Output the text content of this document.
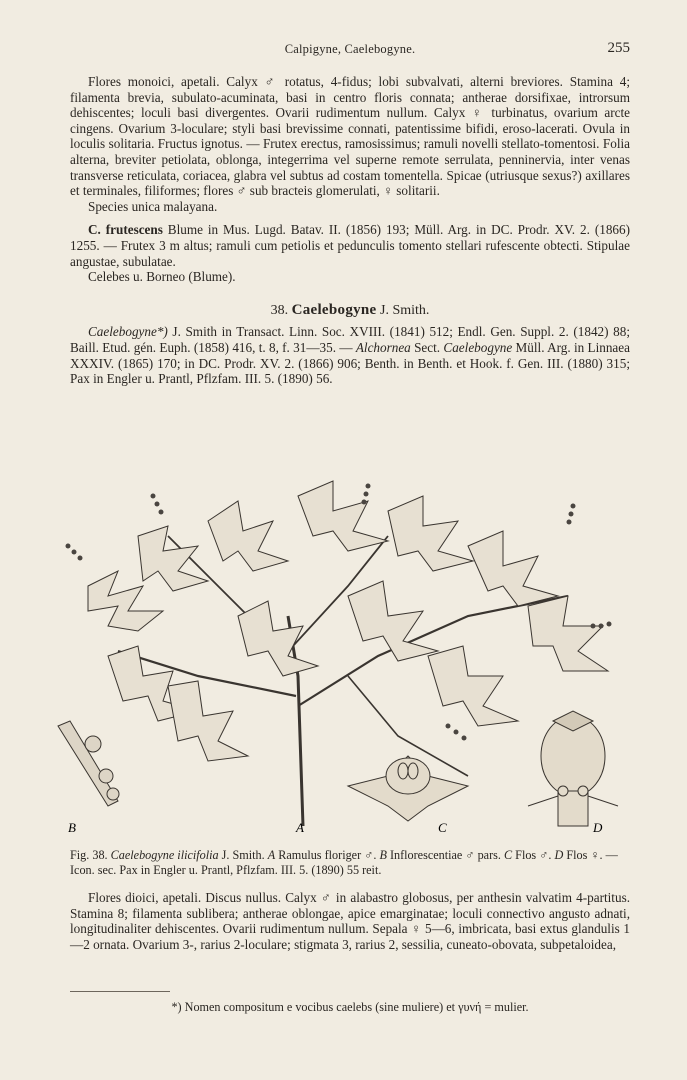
Calpigyne, Caelebogyne.	255

Flores monoici, apetali. Calyx ♂ rotatus, 4-fidus; lobi subvalvati, alterni breviores. Stamina 4; filamenta brevia, subulato-acuminata, basi in centro floris connata; antherae dorsifixae, introrsum dehiscentes; loculi basi divergentes. Ovarii rudimentum nullum. Calyx ♀ turbinatus, ovarium arcte cingens. Ovarium 3-loculare; styli basi brevissime connati, patentissime bifidi, eroso-lacerati. Ovula in loculis solitaria. Fructus ignotus. — Frutex erectus, ramosissimus; ramuli novelli stellato-tomentosi. Folia alterna, breviter petiolata, oblonga, integerrima vel superne remote serrulata, penninervia, inter venas transverse reticulata, coriacea, glabra vel subtus ad costam tomentella. Spicae (utriusque sexus?) axillares et terminales, filiformes; flores ♂ sub bracteis glomerulati, ♀ solitarii.

Species unica malayana.

C. frutescens Blume in Mus. Lugd. Batav. II. (1856) 193; Müll. Arg. in DC. Prodr. XV. 2. (1866) 1255. — Frutex 3 m altus; ramuli cum petiolis et pedunculis tomento stellari rufescente obtecti. Stipulae angustae, subulatae.

Celebes u. Borneo (Blume).

38. Caelebogyne J. Smith.

Caelebogyne*) J. Smith in Transact. Linn. Soc. XVIII. (1841) 512; Endl. Gen. Suppl. 2. (1842) 88; Baill. Etud. gén. Euph. (1858) 416, t. 8, f. 31—35. — Alchornea Sect. Caelebogyne Müll. Arg. in Linnaea XXXIV. (1865) 170; in DC. Prodr. XV. 2. (1866) 906; Benth. in Benth. et Hook. f. Gen. III. (1880) 315; Pax in Engler u. Prantl, Pflzfam. III. 5. (1890) 56.

B	A	C	D

Fig. 38. Caelebogyne ilicifolia J. Smith. A Ramulus floriger ♂. B Inflorescentiae ♂ pars. C Flos ♂. D Flos ♀. — Icon. sec. Pax in Engler u. Prantl, Pflzfam. III. 5. (1890) 55 reit.

Flores dioici, apetali. Discus nullus. Calyx ♂ in alabastro globosus, per anthesin valvatim 4-partitus. Stamina 8; filamenta sublibera; antherae oblongae, apice emarginatae; loculi connectivo angusto adnati, longitudinaliter dehiscentes. Ovarii rudimentum nullum. Sepala ♀ 5—6, imbricata, basi extus glandulis 1—2 ornata. Ovarium 3-, rarius 2-loculare; stigmata 3, rarius 2, sessilia, cuneato-obovata, subpetaloidea,

*) Nomen compositum e vocibus caelebs (sine muliere) et γυνή = mulier.
